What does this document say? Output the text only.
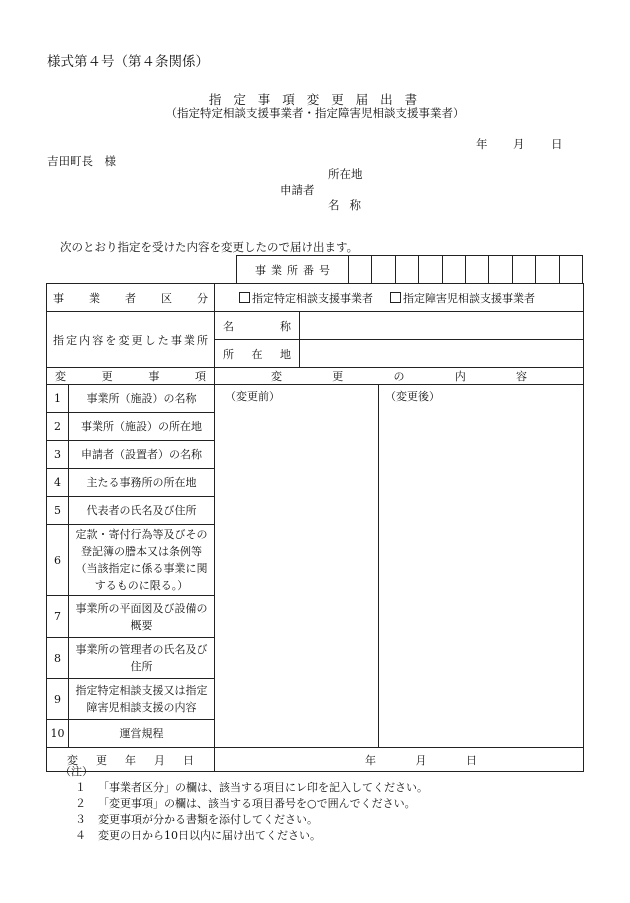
様式第４号（第４条関係）
指 定 事 項 変 更 届 出 書
（指定特定相談支援事業者・指定障害児相談支援事業者）
年 月 日
吉田町長　様
所在地
申請者
名称
次のとおり指定を受けた内容を変更したので届け出ます。
事業所番号										
事業者区分		指定特定相談支援事業者 指定障害児相談支援事業者		
指定内容を変更した事業所		名称		
		所在地		
変更事項		変更の内容		
1	事業所（施設）の名称	（変更前）		（変更後）
2	事業所（施設）の所在地			
3	申請者（設置者）の名称			
4	主たる事務所の所在地			
5	代表者の氏名及び住所			
6	定款・寄付行為等及びその登記簿の謄本又は条例等（当該指定に係る事業に関するものに限る。）			
7	事業所の平面図及び設備の概要			
8	事業所の管理者の氏名及び住所			
9	指定特定相談支援又は指定障害児相談支援の内容			
10	運営規程			
変更年月日		年 月 日		
（注）
１ 「事業者区分」の欄は、該当する項目にレ印を記入してください。
２ 「変更事項」の欄は、該当する項目番号を○で囲んでください。
３ 変更事項が分かる書類を添付してください。
４ 変更の日から10日以内に届け出てください。
